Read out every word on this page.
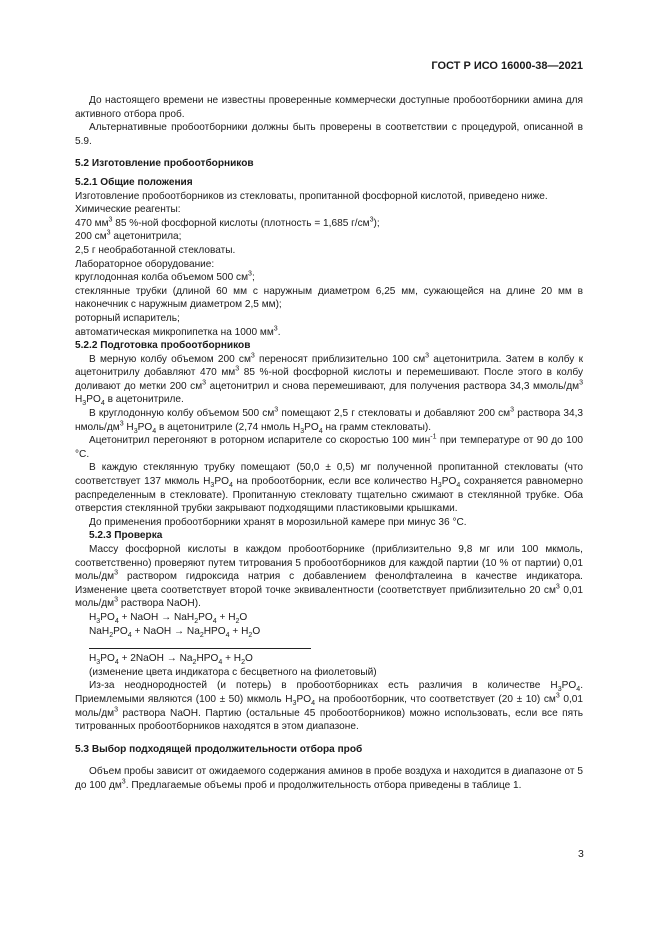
ГОСТ Р ИСО 16000-38—2021

До настоящего времени не известны проверенные коммерчески доступные пробоотборники амина для активного отбора проб.

Альтернативные пробоотборники должны быть проверены в соответствии с процедурой, описанной в 5.9.

5.2 Изготовление пробоотборников

5.2.1 Общие положения

Изготовление пробоотборников из стекловаты, пропитанной фосфорной кислотой, приведено ниже.

Химические реагенты:

470 $мм^3$ 85 %-ной фосфорной кислоты (плотность = 1,685 $г/см^3$);

200 $см^3$ ацетонитрила;

2,5 г необработанной стекловаты.

Лабораторное оборудование:

круглодонная колба объемом 500 $см^3$;

стеклянные трубки (длиной 60 мм с наружным диаметром 6,25 мм, сужающейся на длине 20 мм в наконечник с наружным диаметром 2,5 мм);

роторный испаритель;

автоматическая микропипетка на 1000 $мм^3$.

5.2.2 Подготовка пробоотборников

В мерную колбу объемом 200 $см^3$ переносят приблизительно 100 $см^3$ ацетонитрила. Затем в колбу к ацетонитрилу добавляют 470 $мм^3$ 85 %-ной фосфорной кислоты и перемешивают. После этого в колбу доливают до метки 200 $см^3$ ацетонитрил и снова перемешивают, для получения раствора 34,3 ммоль/$дм^3$ $H_3PO_4$ в ацетонитриле.

В круглодонную колбу объемом 500 $см^3$ помещают 2,5 г стекловаты и добавляют 200 $см^3$ раствора 34,3 нмоль/$дм^3$ $H_3PO_4$ в ацетонитриле (2,74 нмоль $H_3PO_4$ на грамм стекловаты).

Ацетонитрил перегоняют в роторном испарителе со скоростью 100 мин$^{-1}$ при температуре от 90 до 100 °С.

В каждую стеклянную трубку помещают (50,0 ± 0,5) мг полученной пропитанной стекловаты (что соответствует 137 мкмоль $H_3PO_4$ на пробоотборник, если все количество $H_3PO_4$ сохраняется равномерно распределенным в стекловате). Пропитанную стекловату тщательно сжимают в стеклянной трубке. Оба отверстия стеклянной трубки закрывают подходящими пластиковыми крышками.

До применения пробоотборники хранят в морозильной камере при минус 36 °С.

5.2.3 Проверка

Массу фосфорной кислоты в каждом пробоотборнике (приблизительно 9,8 мг или 100 мкмоль, соответственно) проверяют путем титрования 5 пробоотборников для каждой партии (10 % от партии) 0,01 моль/$дм^3$ раствором гидроксида натрия с добавлением фенолфталеина в качестве индикатора. Изменение цвета соответствует второй точке эквивалентности (соответствует приблизительно 20 $см^3$ 0,01 моль/$дм^3$ раствора NaOH).

$H_3PO_4$ + NaOH → $NaH_2PO_4 + H_2O$

$NaH_2PO_4$ + NaOH → $Na_2HPO_4 + H_2O$

$H_3PO_4$ + 2NaOH → $Na_2HPO_4 + H_2O$

(изменение цвета индикатора с бесцветного на фиолетовый)

Из-за неоднородностей (и потерь) в пробоотборниках есть различия в количестве $H_3PO_4$. Приемлемыми являются (100 ± 50) мкмоль $H_3PO_4$ на пробоотборник, что соответствует (20 ± 10) $см^3$ 0,01 моль/$дм^3$ раствора NaOH. Партию (остальные 45 пробоотборников) можно использовать, если все пять титрованных пробоотборников находятся в этом диапазоне.

5.3 Выбор подходящей продолжительности отбора проб

Объем пробы зависит от ожидаемого содержания аминов в пробе воздуха и находится в диапазоне от 5 до 100 $дм^3$. Предлагаемые объемы проб и продолжительность отбора приведены в таблице 1.

3
